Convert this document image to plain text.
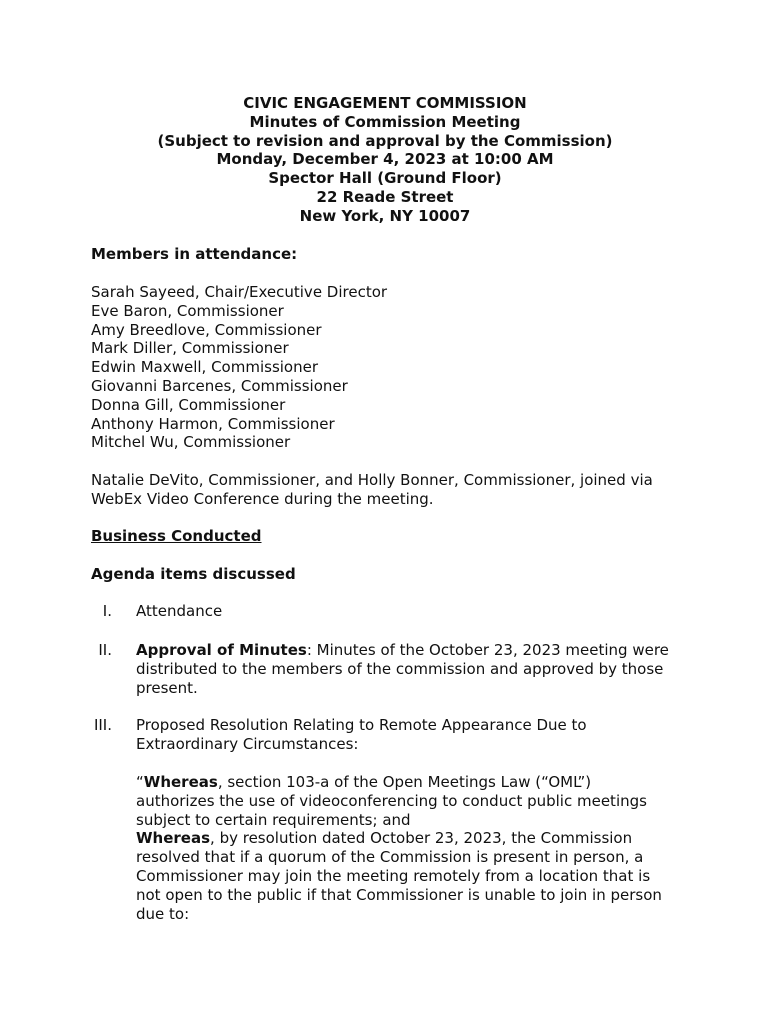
CIVIC ENGAGEMENT COMMISSION
Minutes of Commission Meeting
(Subject to revision and approval by the Commission)
Monday, December 4, 2023 at 10:00 AM
Spector Hall (Ground Floor)
22 Reade Street
New York, NY 10007
Members in attendance:
Sarah Sayeed, Chair/Executive Director
Eve Baron, Commissioner
Amy Breedlove, Commissioner
Mark Diller, Commissioner
Edwin Maxwell, Commissioner
Giovanni Barcenes, Commissioner
Donna Gill, Commissioner
Anthony Harmon, Commissioner
Mitchel Wu, Commissioner
Natalie DeVito, Commissioner, and Holly Bonner, Commissioner, joined via
WebEx Video Conference during the meeting.
Business Conducted
Agenda items discussed
I. Attendance
II. Approval of Minutes: Minutes of the October 23, 2023 meeting were
distributed to the members of the commission and approved by those
present.
III. Proposed Resolution Relating to Remote Appearance Due to
Extraordinary Circumstances:
“Whereas, section 103-a of the Open Meetings Law (“OML”)
authorizes the use of videoconferencing to conduct public meetings
subject to certain requirements; and
Whereas, by resolution dated October 23, 2023, the Commission
resolved that if a quorum of the Commission is present in person, a
Commissioner may join the meeting remotely from a location that is
not open to the public if that Commissioner is unable to join in person
due to:
